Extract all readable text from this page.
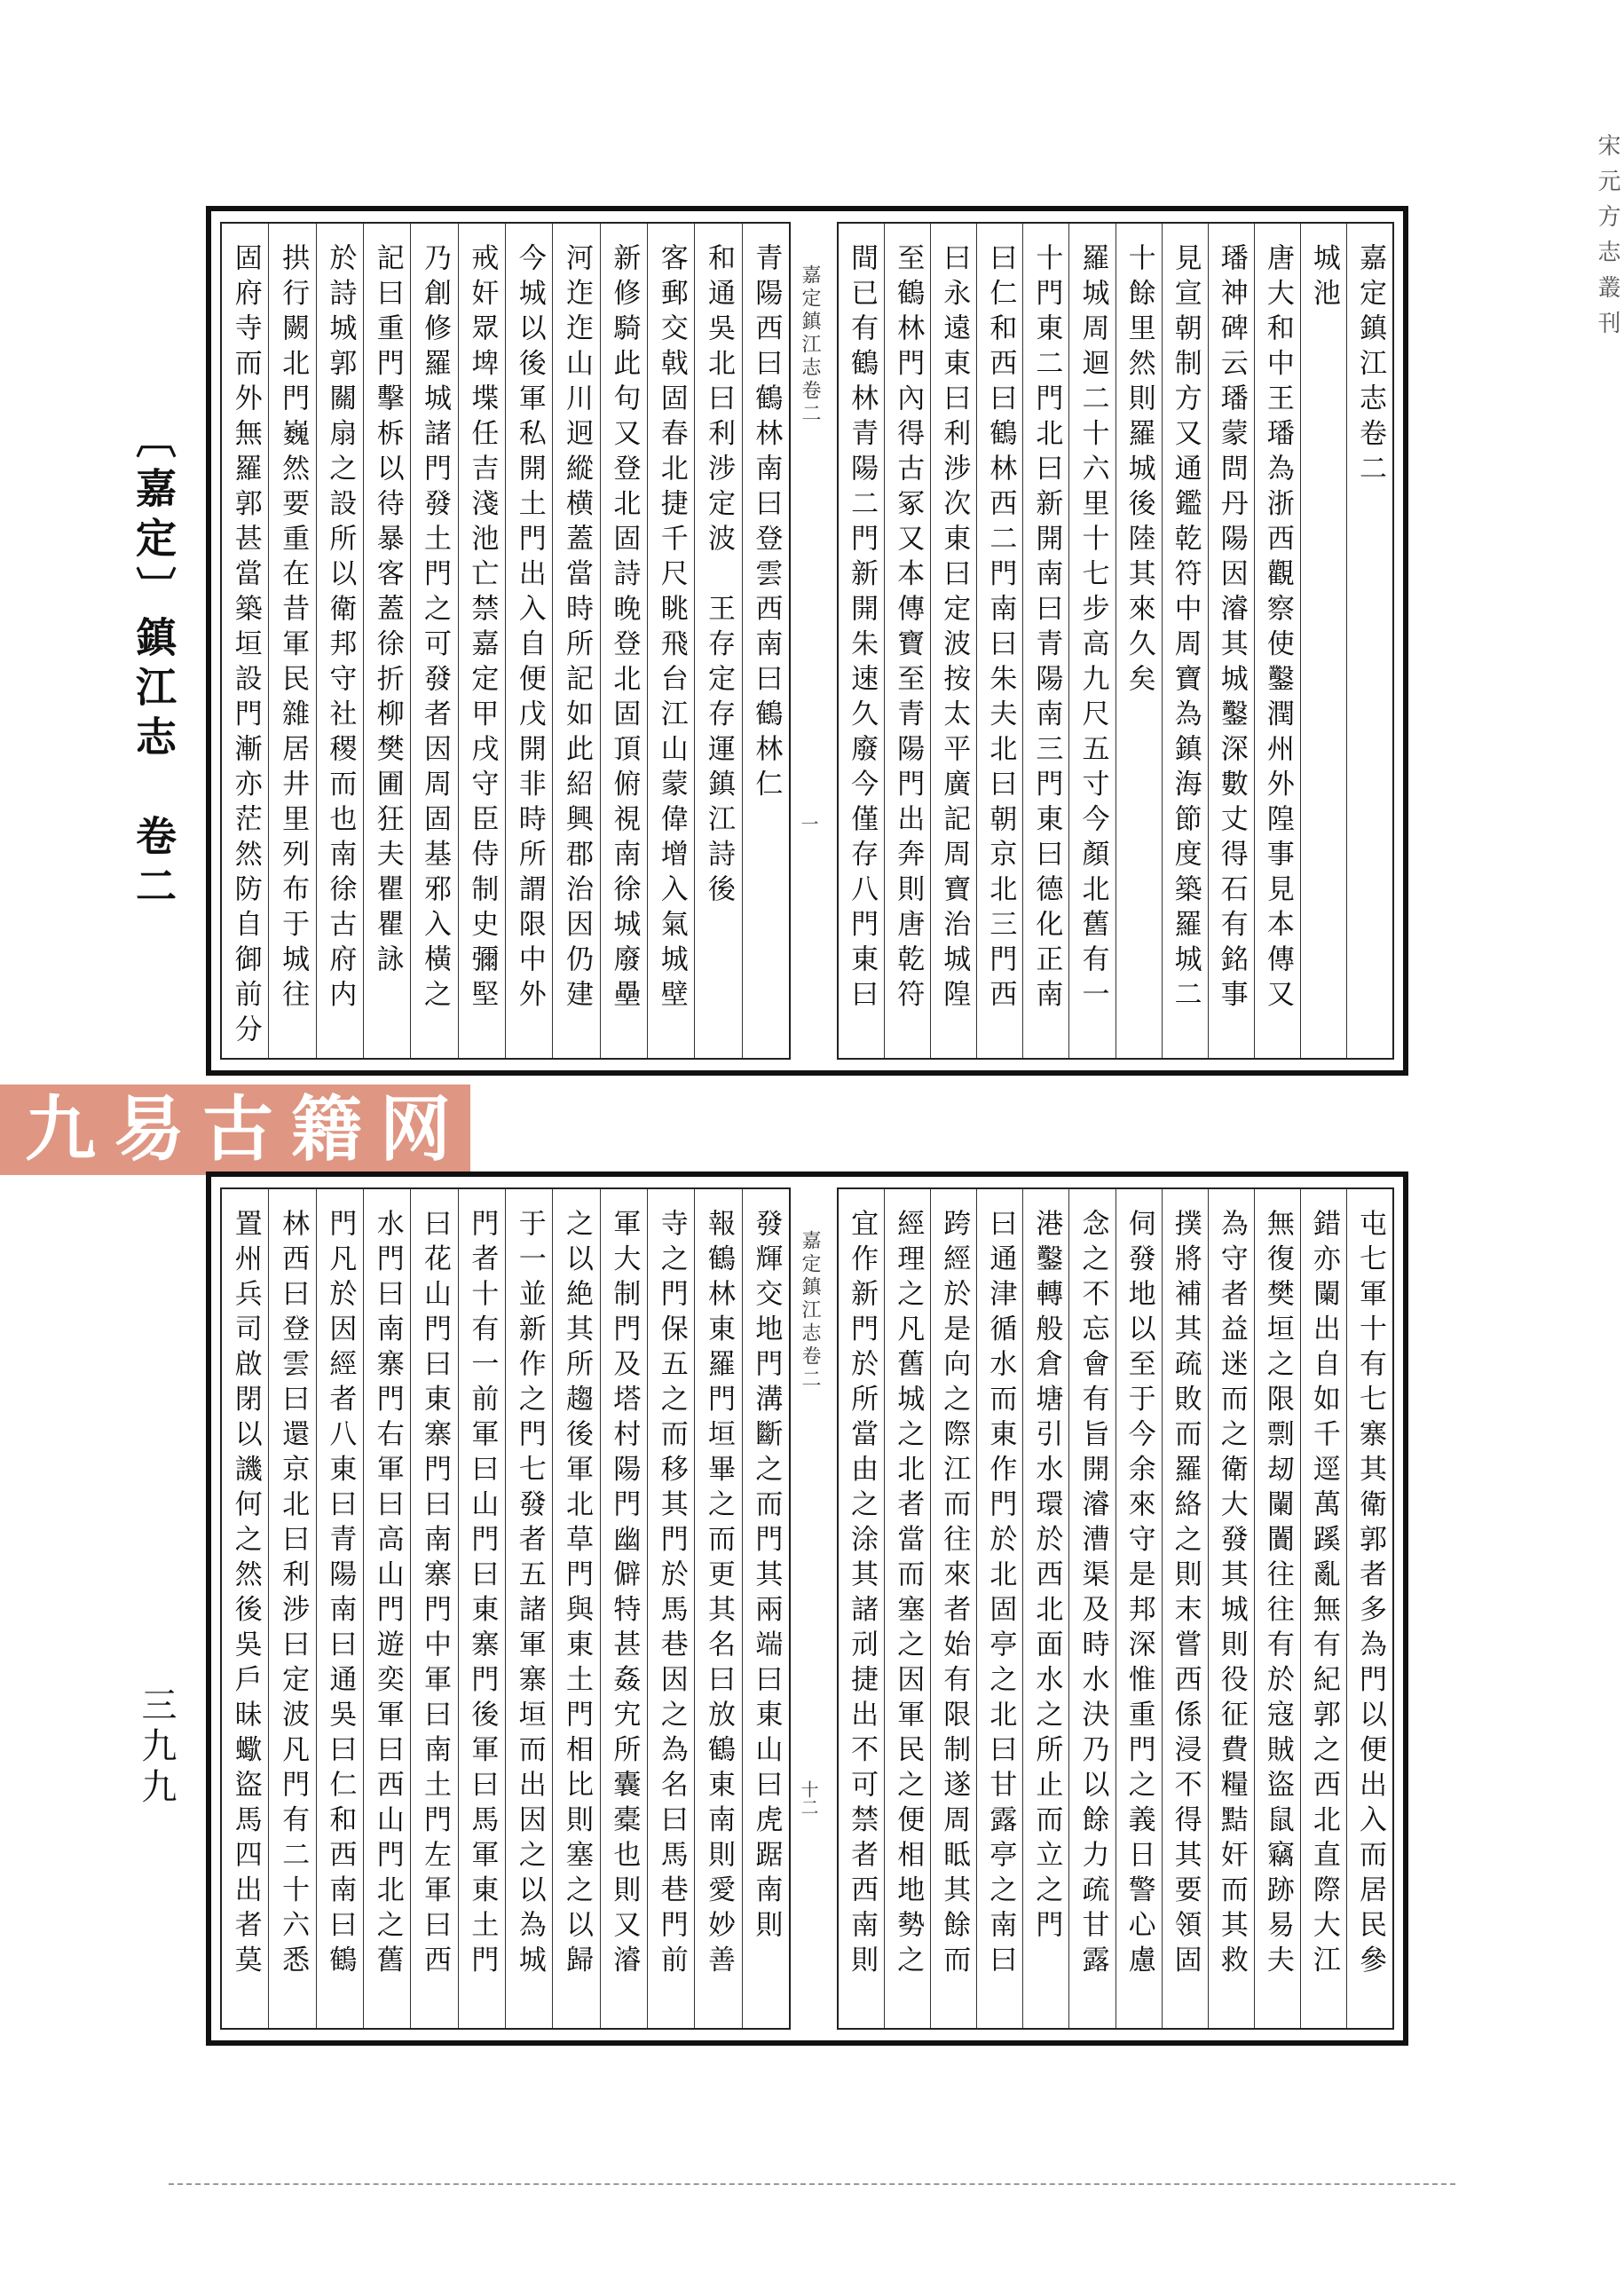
宋元方志叢刊
〔嘉定〕鎮江志　卷二
三九九
嘉定鎮江志卷二
城池
唐大和中王璠為浙西觀察使鑿潤州外隍事見本傳又
璠神碑云璠蒙問丹陽因濬其城鑿深數丈得石有銘事
見宣朝制方又通鑑乾符中周寶為鎮海節度築羅城二
十餘里然則羅城後陸其來久矣
羅城周迴二十六里十七步高九尺五寸今顏北舊有一
十門東二門北曰新開南曰青陽南三門東曰德化正南
曰仁和西曰鶴林西二門南曰朱夫北曰朝京北三門西
曰永遠東曰利涉次東曰定波按太平廣記周寶治城隍
至鶴林門內得古冢又本傳寶至青陽門出奔則唐乾符
間已有鶴林青陽二門新開朱速久廢今僅存八門東曰
嘉定鎮江志卷二
一
青陽西曰鶴林南曰登雲西南曰鶴林仁
和通吳北曰利涉定波　王存定存運鎮江詩後
客郵交戟固春北捷千尺眺飛台江山蒙偉增入氣城壁
新修騎此句又登北固詩晚登北固頂俯視南徐城廢壘
河迮迮山川迥縱横蓋當時所記如此紹興郡治因仍建
今城以後軍私開土門出入自便戊開非時所謂限中外
戒奸眾埤堞任吉淺池亡禁嘉定甲戌守臣侍制史彌堅
乃創修羅城諸門發土門之可發者因周固基邪入橫之
記曰重門擊柝以待暴客蓋徐折柳樊圃狂夫瞿瞿詠
於詩城郭關扇之設所以衛邦守社稷而也南徐古府内
拱行闕北門巍然要重在昔軍民雜居井里列布于城往
固府寺而外無羅郭甚當築垣設門漸亦茫然防自御前分
九易古籍网
屯七軍十有七寨其衛郭者多為門以便出入而居民參
錯亦闌出自如千逕萬蹊亂無有紀郭之西北直際大江
無復樊垣之限剽刼闌闠往往有於寇賊盜鼠竊跡易夫
為守者益迷而之衛大發其城則役征費糧黠奸而其救
撲將補其疏敗而羅絡之則末嘗西係浸不得其要領固
伺發地以至于今余來守是邦深惟重門之義日警心慮
念之不忘會有旨開濬漕渠及時水決乃以餘力疏甘露
港鑿轉般倉塘引水環於西北面水之所止而立之門
曰通津循水而東作門於北固亭之北曰甘露亭之南曰
跨經於是向之際江而往來者始有限制遂周眡其餘而
經理之凡舊城之北者當而塞之因軍民之便相地勢之
宜作新門於所當由之涂其諸刓捷出不可禁者西南則
嘉定鎮江志卷二
十二
發輝交地門溝斷之而門其兩端曰東山曰虎踞南則
報鶴林東羅門垣畢之而更其名曰放鶴東南則愛妙善
寺之門保五之而移其門於馬巷因之為名曰馬巷門前
軍大制門及塔村陽門幽僻特甚姦宄所囊橐也則又濬
之以絶其所趨後軍北草門與東土門相比則塞之以歸
于一並新作之門七發者五諸軍寨垣而出因之以為城
門者十有一前軍曰山門曰東寨門後軍曰馬軍東土門
曰花山門曰東寨門曰南寨門中軍曰南土門左軍曰西
水門曰南寨門右軍曰高山門遊奕軍曰西山門北之舊
門凡於因經者八東曰青陽南曰通吳曰仁和西南曰鶴
林西曰登雲曰還京北曰利涉曰定波凡門有二十六悉
置州兵司啟閉以譏何之然後吳戶昧蠍盜馬四出者莫
